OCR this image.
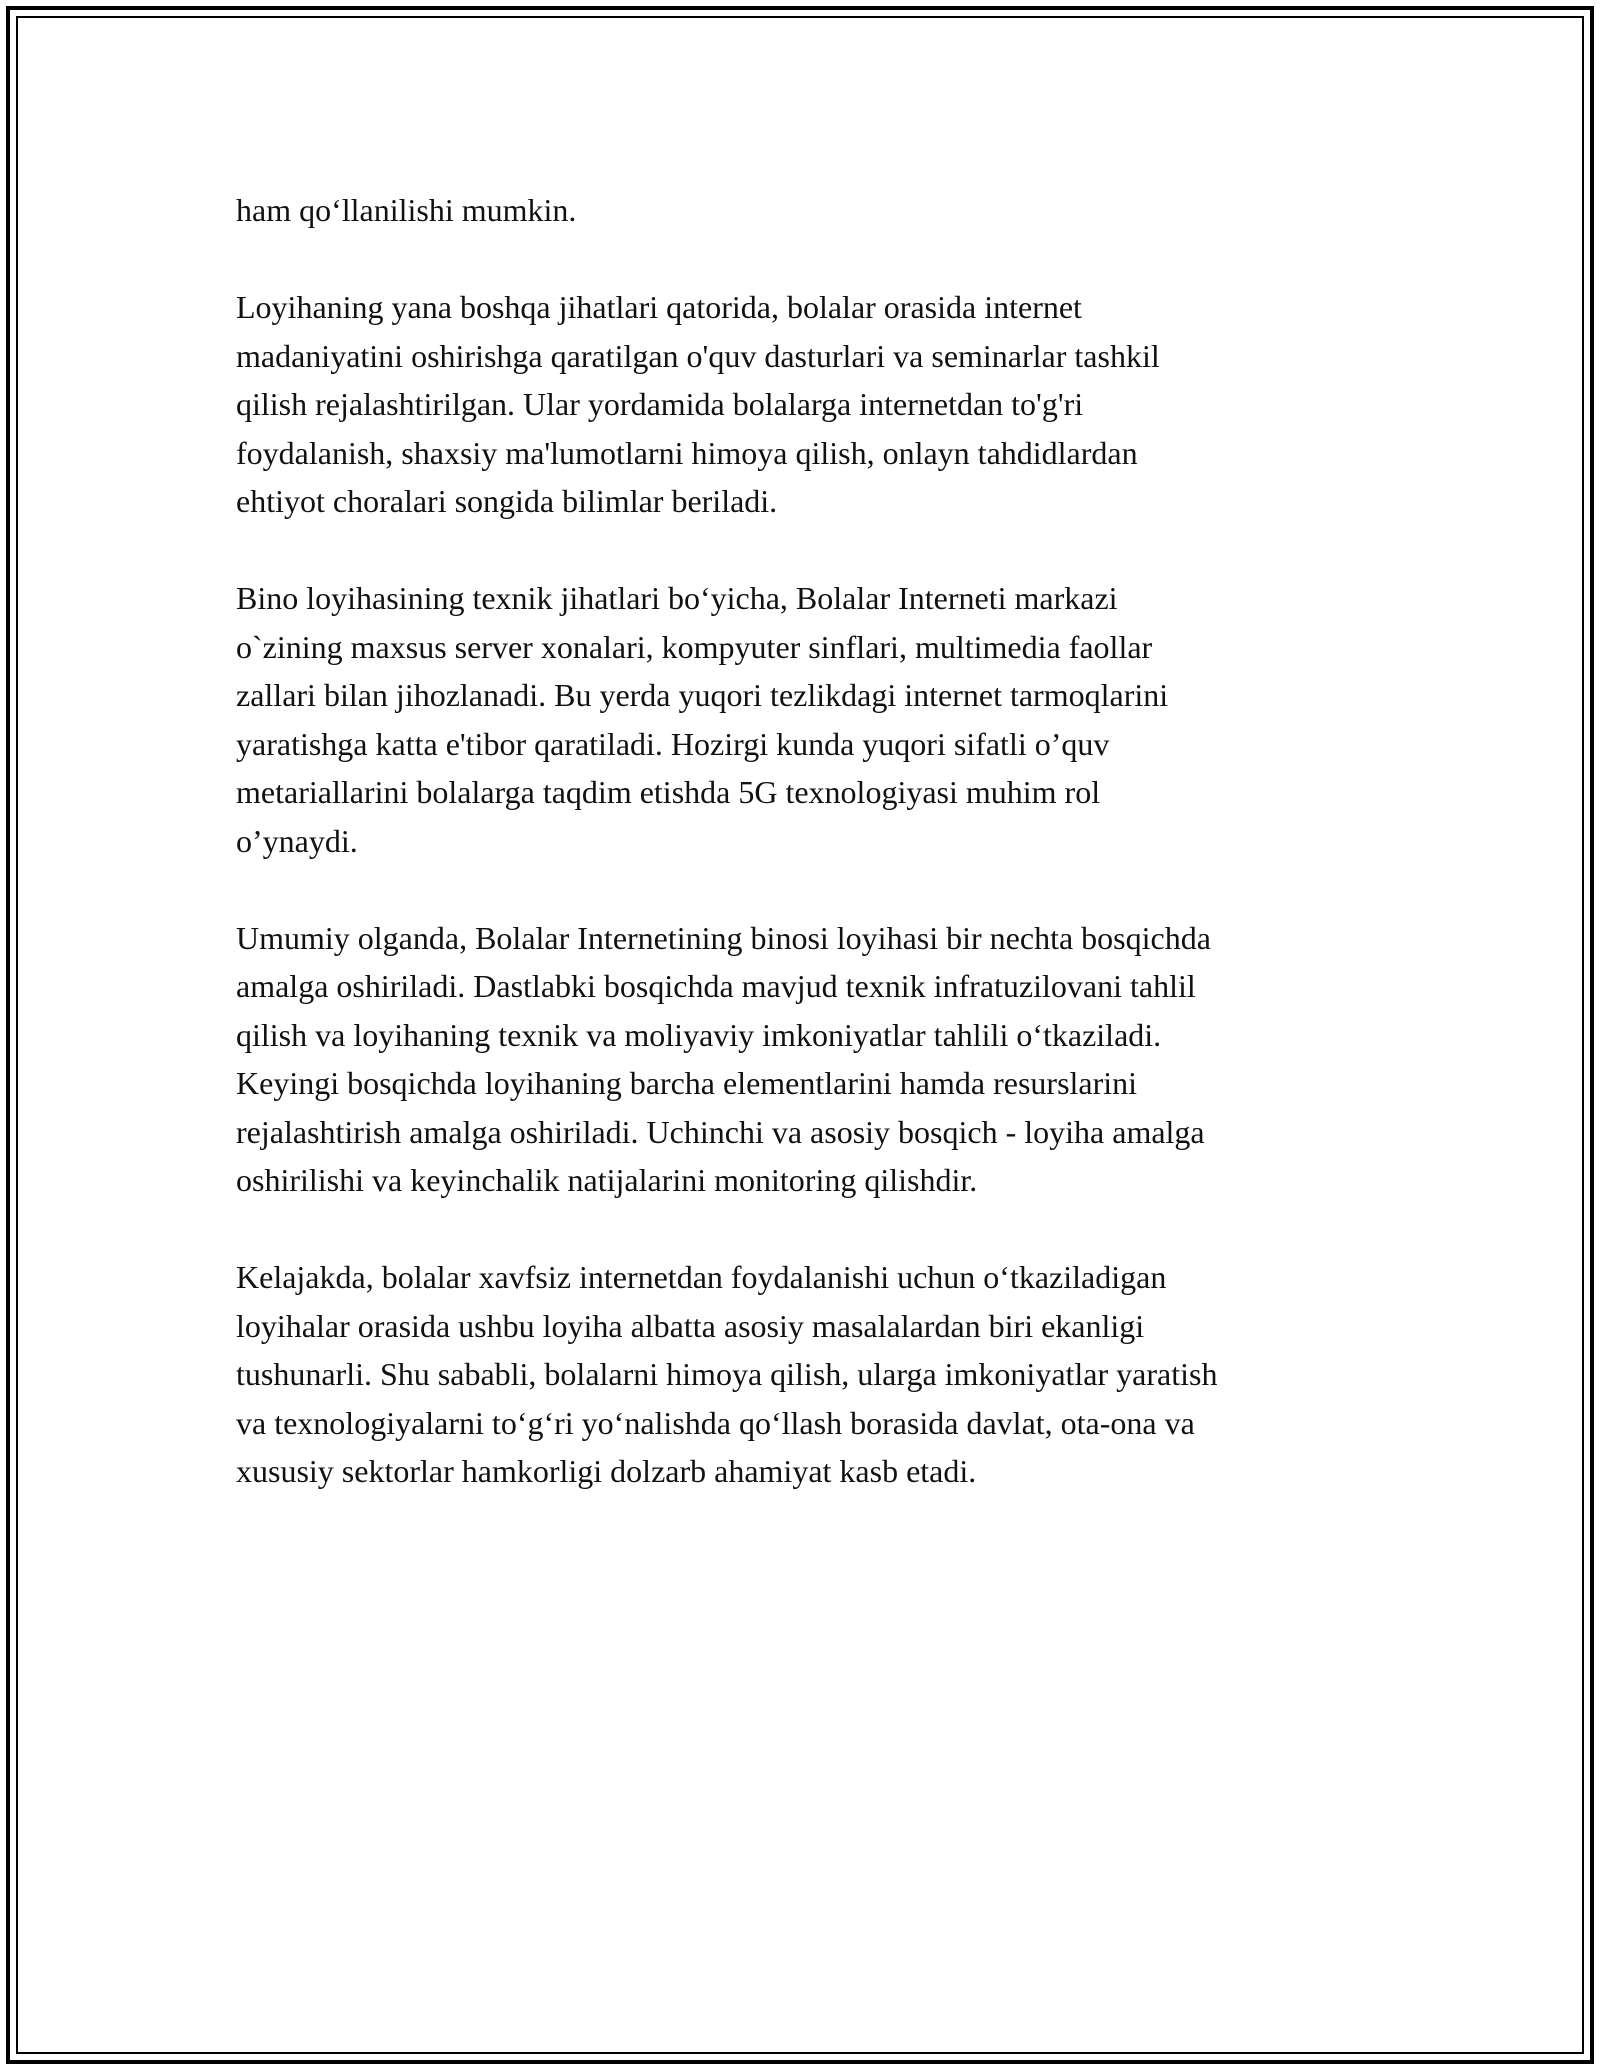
ham qo‘llanilishi mumkin.

Loyihaning yana boshqa jihatlari qatorida, bolalar orasida internet
madaniyatini oshirishga qaratilgan o'quv dasturlari va seminarlar tashkil
qilish rejalashtirilgan. Ular yordamida bolalarga internetdan to'g'ri
foydalanish, shaxsiy ma'lumotlarni himoya qilish, onlayn tahdidlardan
ehtiyot choralari songida bilimlar beriladi.

Bino loyihasining texnik jihatlari bo‘yicha, Bolalar Interneti markazi
o`zining maxsus server xonalari, kompyuter sinflari, multimedia faollar
zallari bilan jihozlanadi. Bu yerda yuqori tezlikdagi internet tarmoqlarini
yaratishga katta e'tibor qaratiladi. Hozirgi kunda yuqori sifatli o’quv
metariallarini bolalarga taqdim etishda 5G texnologiyasi muhim rol
o’ynaydi.

Umumiy olganda, Bolalar Internetining binosi loyihasi bir nechta bosqichda
amalga oshiriladi. Dastlabki bosqichda mavjud texnik infratuzilovani tahlil
qilish va loyihaning texnik va moliyaviy imkoniyatlar tahlili o‘tkaziladi.
Keyingi bosqichda loyihaning barcha elementlarini hamda resurslarini
rejalashtirish amalga oshiriladi. Uchinchi va asosiy bosqich - loyiha amalga
oshirilishi va keyinchalik natijalarini monitoring qilishdir.

Kelajakda, bolalar xavfsiz internetdan foydalanishi uchun o‘tkaziladigan
loyihalar orasida ushbu loyiha albatta asosiy masalalardan biri ekanligi
tushunarli. Shu sababli, bolalarni himoya qilish, ularga imkoniyatlar yaratish
va texnologiyalarni to‘g‘ri yo‘nalishda qo‘llash borasida davlat, ota-ona va
xususiy sektorlar hamkorligi dolzarb ahamiyat kasb etadi.
